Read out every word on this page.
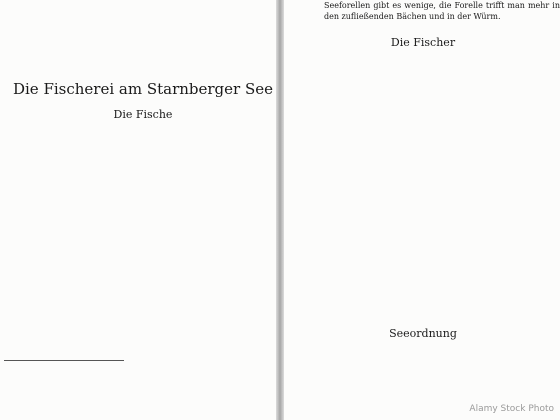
Die Fischerei am Starnberger See
Die Fische

Seeforellen gibt es wenige, die Forelle trifft man mehr in den zufließenden Bächen und in der Würm.

Die Fischer

Seeordnung

Alamy Stock Photo
